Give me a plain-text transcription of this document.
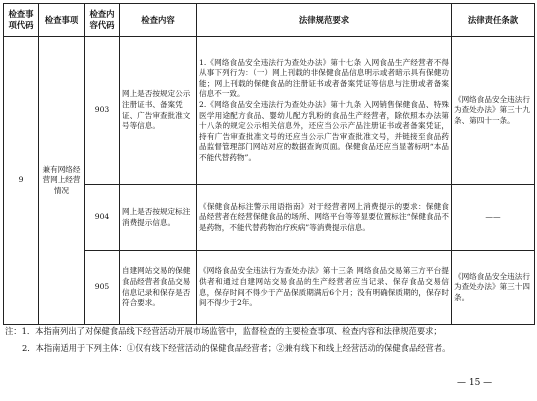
检查事项代码	检查事项	检查内容代码	检查内容	法律规范要求	法律责任条款
9	兼有网络经营网上经营情况	903	网上是否按规定公示注册证书、备案凭证、广告审查批准文号等信息。	1.《网络食品安全违法行为查处办法》第十七条 入网食品生产经营者不得从事下列行为：（一）网上刊载的非保健食品信息明示或者暗示具有保健功能；网上刊载的保健食品的注册证书或者备案凭证等信息与注册或者备案信息不一致。

2.《网络食品安全违法行为查处办法》第十九条 入网销售保健食品、特殊医学用途配方食品、婴幼儿配方乳粉的食品生产经营者，除依照本办法第十八条的规定公示相关信息外，还应当公示产品注册证书或者备案凭证，持有广告审查批准文号的还应当公示广告审查批准文号，并链接至食品药品监督管理部门网站对应的数据查询页面。保健食品还应当显著标明“本品不能代替药物”。	《网络食品安全违法行为查处办法》第三十九条、第四十一条。
		904	网上是否按规定标注消费提示信息。	《保健食品标注警示用语指南》对于经营者网上消费提示的要求：保健食品经营者在经营保健食品的场所、网络平台等等显要位置标注“保健食品不是药物，不能代替药物治疗疾病”等消费提示信息。	——
		905	自建网站交易的保健食品经营者食品交易信息记录和保存是否符合要求。	《网络食品安全违法行为查处办法》第十三条 网络食品交易第三方平台提供者和通过自建网站交易食品的生产经营者应当记录、保存食品交易信息，保存时间不得少于产品保质期满后6个月；没有明确保质期的，保存时间不得少于2年。	《网络食品安全违法行为查处办法》第三十四条。
注：1．本指南列出了对保健食品线下经营活动开展市场监管中，监督检查的主要检查事项、检查内容和法律规范要求；
2．本指南适用于下列主体：①仅有线下经营活动的保健食品经营者；②兼有线下和线上经营活动的保健食品经营者。
— 15 —
